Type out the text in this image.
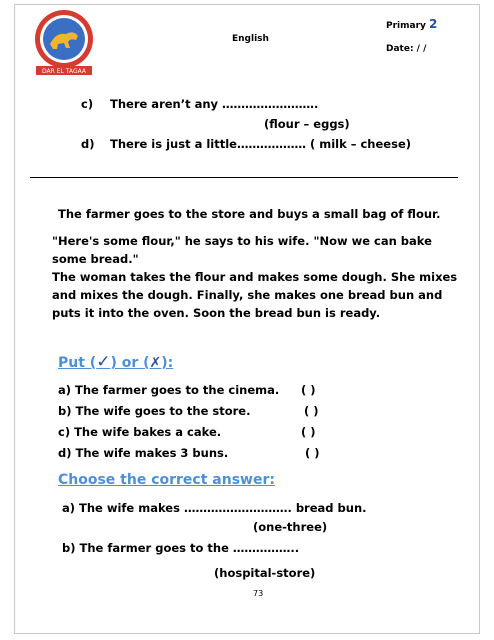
DAR EL TAGAA
English
Primary 2
Date: / /
c) There aren’t any …………………….
(flour – eggs)
d) There is just a little……………… ( milk – cheese)
The farmer goes to the store and buys a small bag of flour.
"Here's some flour," he says to his wife. "Now we can bake
some bread."
The woman takes the flour and makes some dough. She mixes
and mixes the dough. Finally, she makes one bread bun and
puts it into the oven. Soon the bread bun is ready.
Put (✓) or (✗):
a) The farmer goes to the cinema. ( )
b) The wife goes to the store.	( )
c) The wife bakes a cake.	( )
d) The wife makes 3 buns.	( )
Choose the correct answer:
a) The wife makes ………………………. bread bun.
(one-three)
b) The farmer goes to the ……………..
(hospital-store)
73
